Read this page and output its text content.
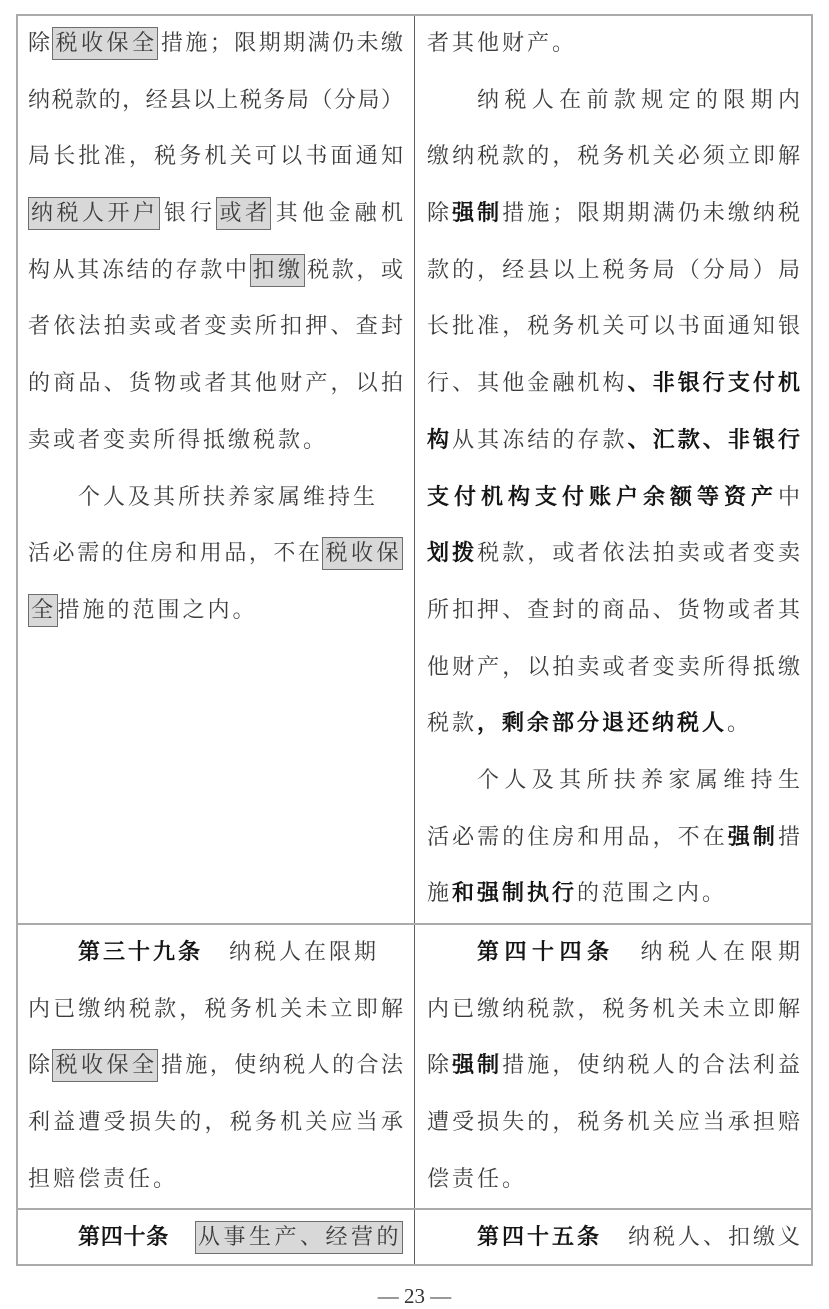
除 税收保全措施；限期期满仍未缴
纳税款的，经县以上税务局（分局）
局长批准，税务机关可以书面通知
纳税人开户银行 或者其他金融机
构从其冻结的存款中 扣缴税款，或
者依法拍卖或者变卖所扣押、查封
的商品、货物或者其他财产，以拍
卖或者变卖所得抵缴税款。
个人及其所扶养家属维持生
活必需的住房和用品，不在 税收保
全措施的范围之内。
者其他财产。
纳税人在前款规定的限期内
缴纳税款的，税务机关必须立即解
除强制措施；限期期满仍未缴纳税
款的，经县以上税务局（分局）局
长批准，税务机关可以书面通知银
行、其他金融机构、非银行支付机
构从其冻结的存款、汇款、非银行
支付机构支付账户余额等资产中
划拨税款，或者依法拍卖或者变卖
所扣押、查封的商品、货物或者其
他财产，以拍卖或者变卖所得抵缴
税款，剩余部分退还纳税人。
个人及其所扶养家属维持生
活必需的住房和用品，不在强制措
施和强制执行的范围之内。
第三十九条 纳税人在限期
内已缴纳税款，税务机关未立即解
除 税收保全措施，使纳税人的合法
利益遭受损失的，税务机关应当承
担赔偿责任。
第四十四条 纳税人在限期
内已缴纳税款，税务机关未立即解
除强制措施，使纳税人的合法利益
遭受损失的，税务机关应当承担赔
偿责任。
第四十条 从事生产、经营的	第四十五条 纳税人、扣缴义
— 23 —
